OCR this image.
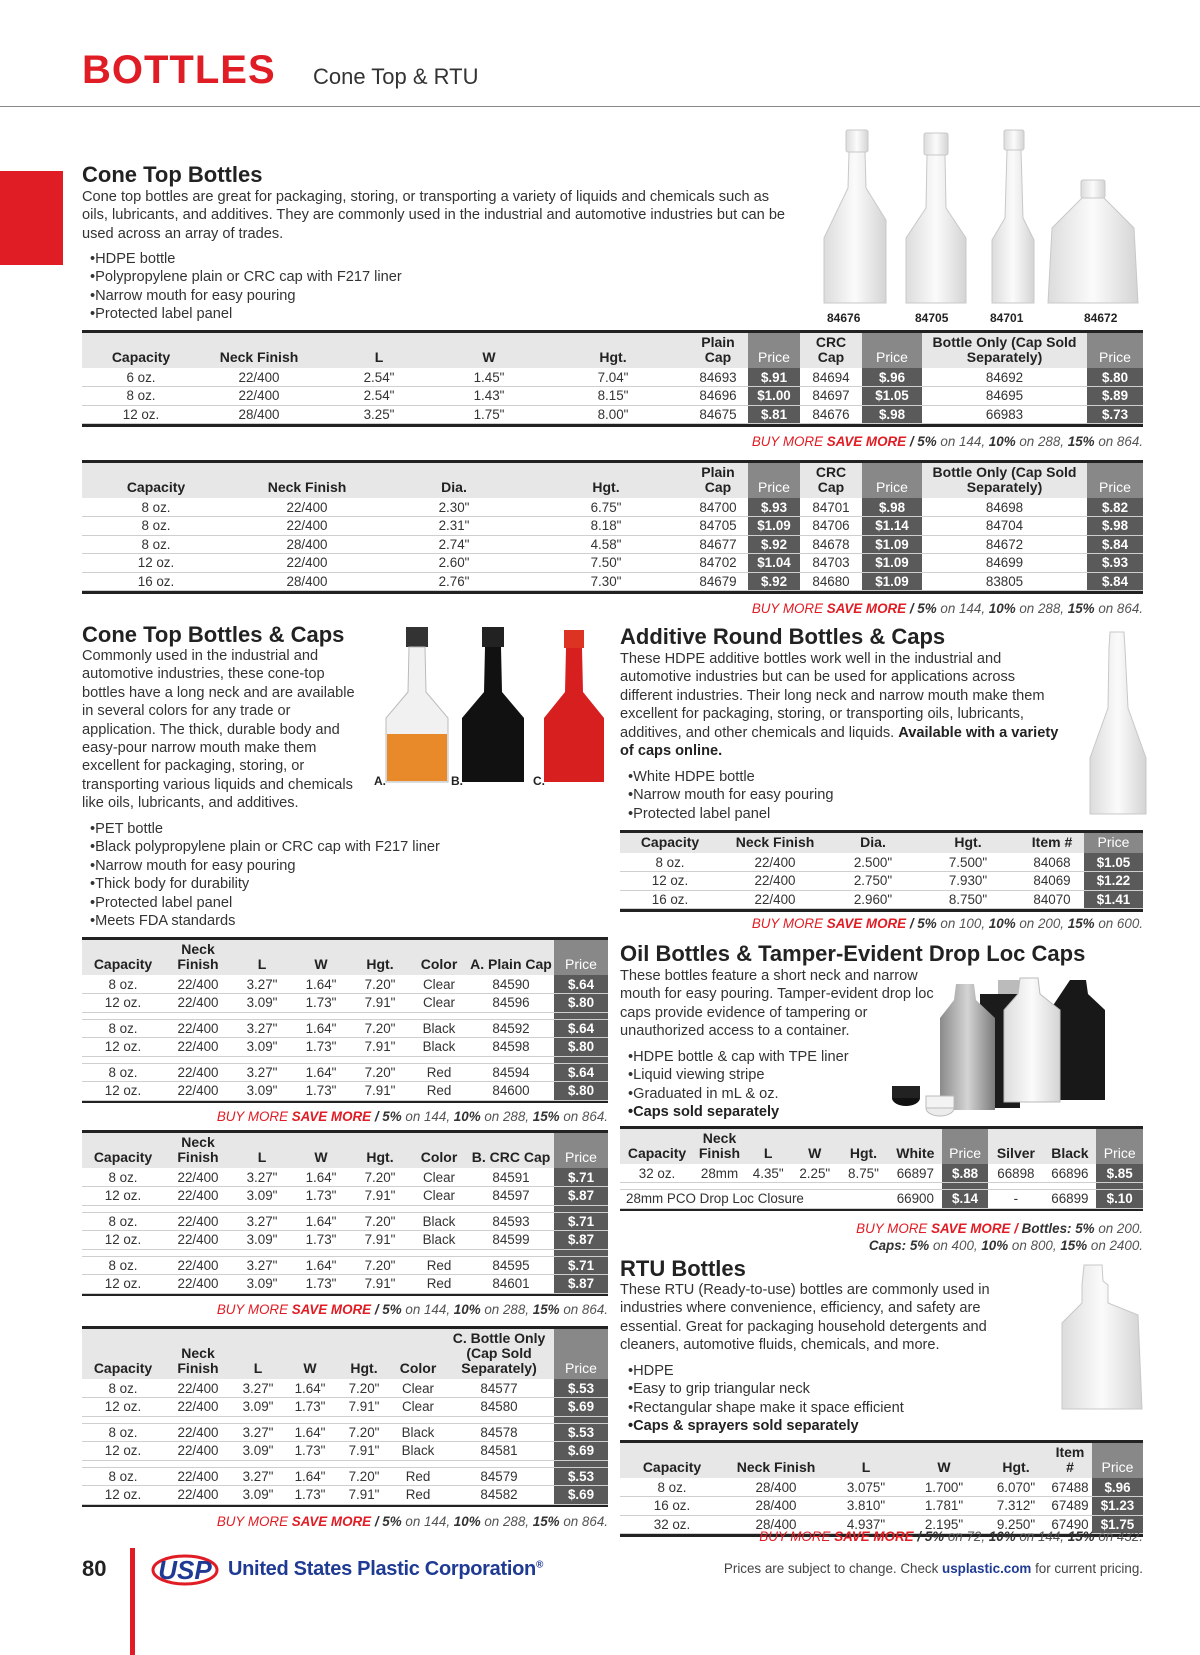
BOTTLES Cone Top & RTU
Cone Top Bottles
Cone top bottles are great for packaging, storing, or transporting a variety of liquids and chemicals such as oils, lubricants, and additives. They are commonly used in the industrial and automotive industries but can be used across an array of trades.
• HDPE bottle
• Polypropylene plain or CRC cap with F217 liner
• Narrow mouth for easy pouring
• Protected label panel	84676	84705	84701	84672

Capacity	Neck Finish	L	W	Hgt.	Plain Cap	Price	CRC Cap	Price	Bottle Only (Cap Sold Separately)	Price
6 oz.	22/400	2.54"	1.45"	7.04"	84693	$.91	84694	$.96	84692	$.80
8 oz.	22/400	2.54"	1.43"	8.15"	84696	$1.00	84697	$1.05	84695	$.89
12 oz.	28/400	3.25"	1.75"	8.00"	84675	$.81	84676	$.98	66983	$.73

BUY MORE SAVE MORE / 5% on 144, 10% on 288, 15% on 864.

Capacity	Neck Finish	Dia.	Hgt.	Plain Cap	Price	CRC Cap	Price	Bottle Only (Cap Sold Separately)	Price
8 oz.	22/400	2.30"	6.75"	84700	$.93	84701	$.98	84698	$.82
8 oz.	22/400	2.31"	8.18"	84705	$1.09	84706	$1.14	84704	$.98
8 oz.	28/400	2.74"	4.58"	84677	$.92	84678	$1.09	84672	$.84
12 oz.	22/400	2.60"	7.50"	84702	$1.04	84703	$1.09	84699	$.93
16 oz.	28/400	2.76"	7.30"	84679	$.92	84680	$1.09	83805	$.84

BUY MORE SAVE MORE / 5% on 144, 10% on 288, 15% on 864.
Cone Top Bottles & Caps
Commonly used in the industrial and automotive industries, these cone-top bottles have a long neck and are available in several colors for any trade or application. The thick, durable body and easy-pour narrow mouth make them excellent for packaging, storing, or transporting various liquids and chemicals like oils, lubricants, and additives.
A.	B.	C.
• PET bottle
• Black polypropylene plain or CRC cap with F217 liner
• Narrow mouth for easy pouring
• Thick body for durability
• Protected label panel
• Meets FDA standards

Capacity	Neck Finish	L	W	Hgt.	Color	A. Plain Cap	Price
8 oz.	22/400	3.27"	1.64"	7.20"	Clear	84590	$.64
12 oz.	22/400	3.09"	1.73"	7.91"	Clear	84596	$.80

8 oz.	22/400	3.27"	1.64"	7.20"	Black	84592	$.64
12 oz.	22/400	3.09"	1.73"	7.91"	Black	84598	$.80

8 oz.	22/400	3.27"	1.64"	7.20"	Red	84594	$.64
12 oz.	22/400	3.09"	1.73"	7.91"	Red	84600	$.80

BUY MORE SAVE MORE / 5% on 144, 10% on 288, 15% on 864.

Capacity	Neck Finish	L	W	Hgt.	Color	B. CRC Cap	Price
8 oz.	22/400	3.27"	1.64"	7.20"	Clear	84591	$.71
12 oz.	22/400	3.09"	1.73"	7.91"	Clear	84597	$.87

8 oz.	22/400	3.27"	1.64"	7.20"	Black	84593	$.71
12 oz.	22/400	3.09"	1.73"	7.91"	Black	84599	$.87

8 oz.	22/400	3.27"	1.64"	7.20"	Red	84595	$.71
12 oz.	22/400	3.09"	1.73"	7.91"	Red	84601	$.87

BUY MORE SAVE MORE / 5% on 144, 10% on 288, 15% on 864.

Capacity	Neck Finish	L	W	Hgt.	Color	C. Bottle Only (Cap Sold Separately)	Price
8 oz.	22/400	3.27"	1.64"	7.20"	Clear	84577	$.53
12 oz.	22/400	3.09"	1.73"	7.91"	Clear	84580	$.69

8 oz.	22/400	3.27"	1.64"	7.20"	Black	84578	$.53
12 oz.	22/400	3.09"	1.73"	7.91"	Black	84581	$.69

8 oz.	22/400	3.27"	1.64"	7.20"	Red	84579	$.53
12 oz.	22/400	3.09"	1.73"	7.91"	Red	84582	$.69

BUY MORE SAVE MORE / 5% on 144, 10% on 288, 15% on 864.
Additive Round Bottles & Caps
These HDPE additive bottles work well in the industrial and automotive industries but can be used for applications across different industries. Their long neck and narrow mouth make them excellent for packaging, storing, or transporting oils, lubricants, additives, and other chemicals and liquids. Available with a variety of caps online.
• White HDPE bottle
• Narrow mouth for easy pouring
• Protected label panel

Capacity	Neck Finish	Dia.	Hgt.	Item #	Price
8 oz.	22/400	2.500"	7.500"	84068	$1.05
12 oz.	22/400	2.750"	7.930"	84069	$1.22
16 oz.	22/400	2.960"	8.750"	84070	$1.41

BUY MORE SAVE MORE / 5% on 100, 10% on 200, 15% on 600.
Oil Bottles & Tamper-Evident Drop Loc Caps
These bottles feature a short neck and narrow mouth for easy pouring. Tamper-evident drop loc caps provide evidence of tampering or unauthorized access to a container.
• HDPE bottle & cap with TPE liner
• Liquid viewing stripe
• Graduated in mL & oz.
• Caps sold separately

Capacity	Neck Finish	L	W	Hgt.	White	Price	Silver	Black	Price
32 oz.	28mm	4.35"	2.25"	8.75"	66897	$.88	66898	66896	$.85

28mm PCO Drop Loc Closure					66900	$.14	-	66899	$.10

BUY MORE SAVE MORE / Bottles: 5% on 200.
Caps: 5% on 400, 10% on 800, 15% on 2400.
RTU Bottles
These RTU (Ready-to-use) bottles are commonly used in industries where convenience, efficiency, and safety are essential. Great for packaging household detergents and cleaners, automotive fluids, chemicals, and more.
• HDPE
• Easy to grip triangular neck
• Rectangular shape make it space efficient
• Caps & sprayers sold separately

Capacity	Neck Finish	L	W	Hgt.	Item #	Price
8 oz.	28/400	3.075"	1.700"	6.070"	67488	$.96
16 oz.	28/400	3.810"	1.781"	7.312"	67489	$1.23
32 oz.	28/400	4.937"	2.195"	9.250"	67490	$1.75

BUY MORE SAVE MORE / 5% on 72, 10% on 144, 15% on 432.
80 USP United States Plastic Corporation®	Prices are subject to change. Check usplastic.com for current pricing.
